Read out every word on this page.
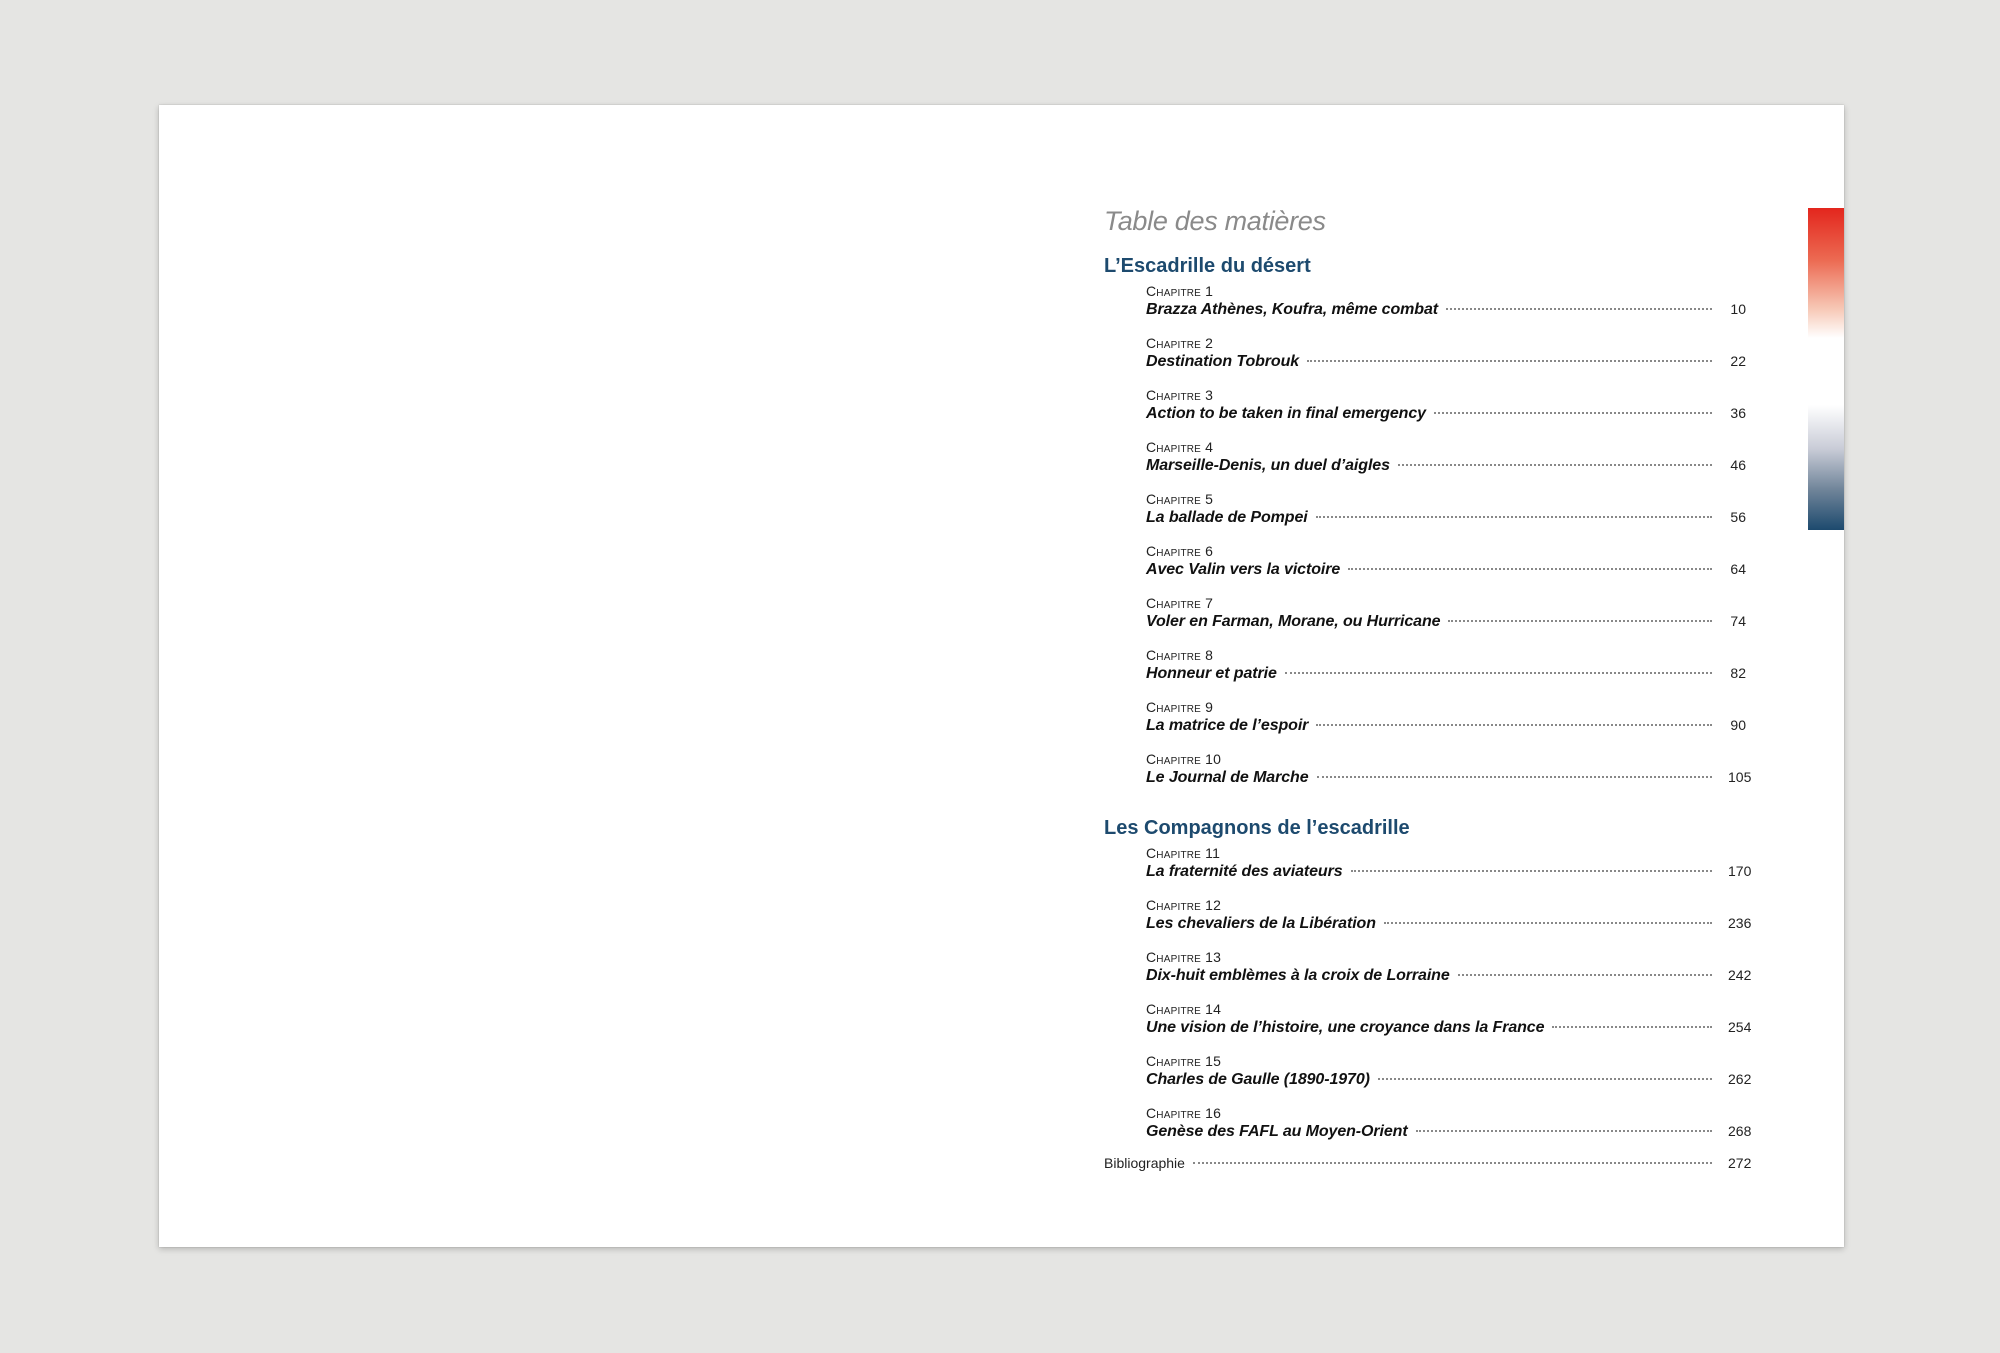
Table des matières
L’Escadrille du désert
Chapitre 1
Brazza Athènes, Koufra, même combat	10
Chapitre 2
Destination Tobrouk	22
Chapitre 3
Action to be taken in final emergency	36
Chapitre 4
Marseille-Denis, un duel d’aigles	46
Chapitre 5
La ballade de Pompei	56
Chapitre 6
Avec Valin vers la victoire	64
Chapitre 7
Voler en Farman, Morane, ou Hurricane	74
Chapitre 8
Honneur et patrie	82
Chapitre 9
La matrice de l’espoir	90
Chapitre 10
Le Journal de Marche	105
Les Compagnons de l’escadrille
Chapitre 11
La fraternité des aviateurs	170
Chapitre 12
Les chevaliers de la Libération	236
Chapitre 13
Dix-huit emblèmes à la croix de Lorraine	242
Chapitre 14
Une vision de l’histoire, une croyance dans la France	254
Chapitre 15
Charles de Gaulle (1890-1970)	262
Chapitre 16
Genèse des FAFL au Moyen-Orient	268
Bibliographie	272
